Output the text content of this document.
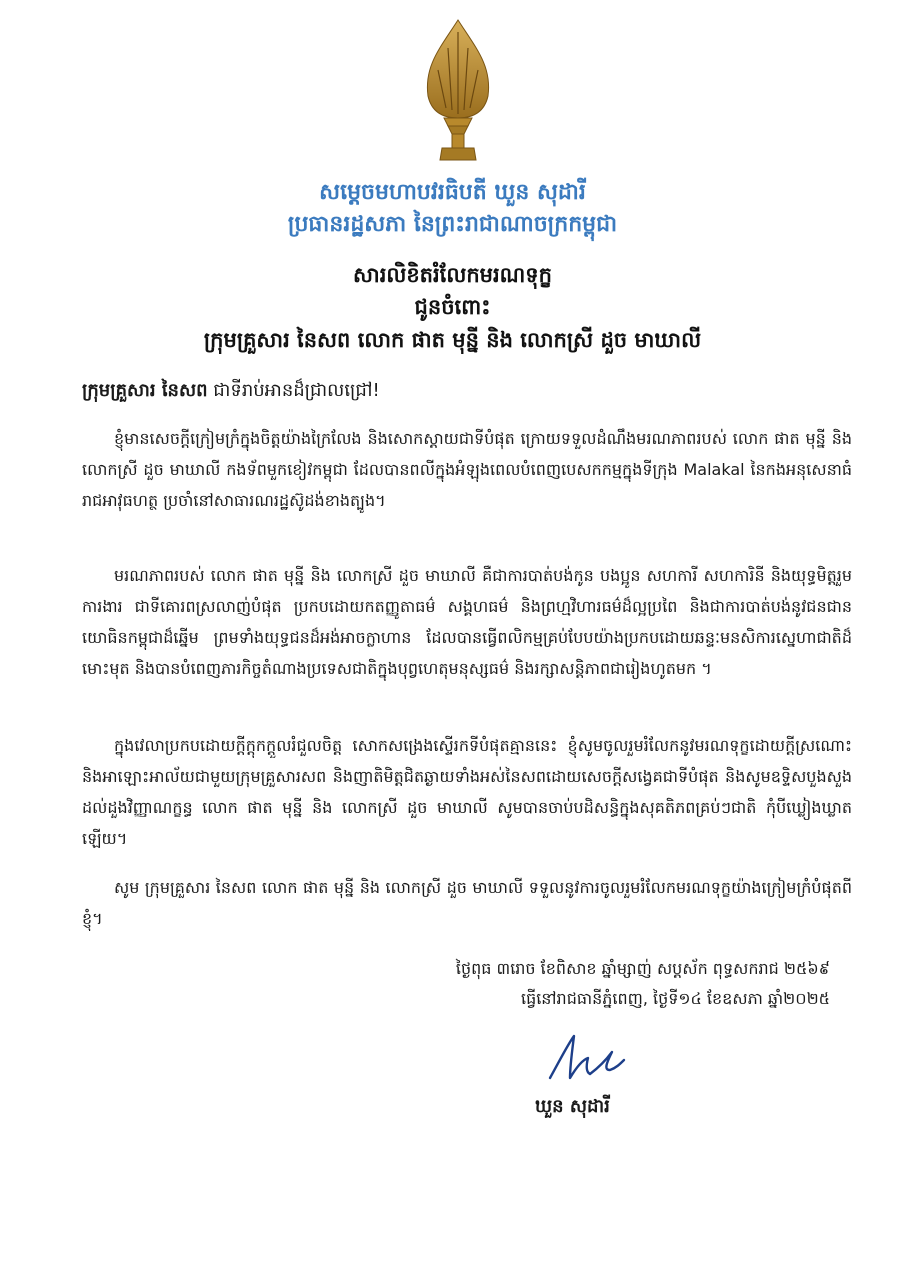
សម្ដេចមហាបវរធិបតី ឃួន សុដារី
ប្រធានរដ្ឋសភា នៃព្រះរាជាណាចក្រកម្ពុជា
សារលិខិតរំលែកមរណទុក្ខ
ជូនចំពោះ
ក្រុមគ្រួសារ នៃសព លោក ផាត មុន្នី និង លោកស្រី ដួច មាឃាលី
ក្រុមគ្រួសារ នៃសព ជាទីរាប់អានដ៏ជ្រាលជ្រៅ!
ខ្ញុំមានសេចក្ដីក្រៀមក្រំក្នុងចិត្តយ៉ាងក្រៃលែង និងសោកស្ដាយជាទីបំផុត ក្រោយទទួលដំណឹងមរណភាពរបស់ លោក ផាត មុន្នី និង លោកស្រី ដួច មាឃាលី កងទ័ពមួកខៀវកម្ពុជា ដែលបានពលីក្នុងអំឡុងពេលបំពេញបេសកកម្មក្នុងទីក្រុង Malakal នៃកងអនុសេនាធំរាជអាវុធហត្ថ ប្រចាំនៅសាធារណរដ្ឋស៊ូដង់ខាងត្បូង។
មរណភាពរបស់ លោក ផាត មុន្នី និង លោកស្រី ដួច មាឃាលី គឺជាការបាត់បង់កូន បងប្អូន សហការី សហការិនី និងយុទ្ធមិត្តរួមការងារ ជាទីគោរពស្រលាញ់បំផុត ប្រកបដោយកតញ្ញូតាធម៌ សង្គហធម៌ និងព្រហ្មវិហារធម៌ដ៏ល្អប្រពៃ និងជាការបាត់បង់នូវជនជានយោធិនកម្ពុជាដ៏ឆ្នើម ព្រមទាំងយុទ្ធជនដ៏អង់អាចក្លាហាន ដែលបានធ្វើពលិកម្មគ្រប់បែបយ៉ាងប្រកបដោយឆន្ទៈមនសិការស្នេហាជាតិដ៏មោះមុត និងបានបំពេញភារកិច្ចតំណាងប្រទេសជាតិក្នុងបុព្វហេតុមនុស្សធម៌ និងរក្សាសន្តិភាពជារៀងហូតមក ។
ក្នុងវេលាប្រកបដោយក្ដីក្ដុកក្ដួលរំជួលចិត្ត សោកសង្រេងស្ទើរកទីបំផុតគ្មាននេះ ខ្ញុំសូមចូលរួមរំលែកនូវមរណទុក្ខដោយក្ដីស្រណោះ និងអាឡោះអាល័យជាមួយក្រុមគ្រួសារសព និងញាតិមិត្តជិតឆ្ងាយទាំងអស់នៃសពដោយសេចក្ដីសង្វេគជាទីបំផុត និងសូមឧទ្ទិសបួងសួងដល់ដួងវិញ្ញាណក្ខន្ធ លោក ផាត មុន្នី និង លោកស្រី ដួច មាឃាលី សូមបានចាប់បដិសន្ធិក្នុងសុគតិភពគ្រប់ៗជាតិ កុំបីឃ្លៀងឃ្លាតឡើយ។
សូម ក្រុមគ្រួសារ នៃសព លោក ផាត មុន្នី និង លោកស្រី ដួច មាឃាលី ទទួលនូវការចូលរួមរំលែកមរណទុក្ខយ៉ាងក្រៀមក្រំបំផុតពីខ្ញុំ។
ថ្ងៃពុធ ៣រោច ខែពិសាខ ឆ្នាំម្សាញ់ សប្តស័ក ពុទ្ធសករាជ ២៥៦៩
ធ្វើនៅរាជធានីភ្នំពេញ, ថ្ងៃទី១៤ ខែឧសភា ឆ្នាំ២០២៥
ឃួន សុដារី
